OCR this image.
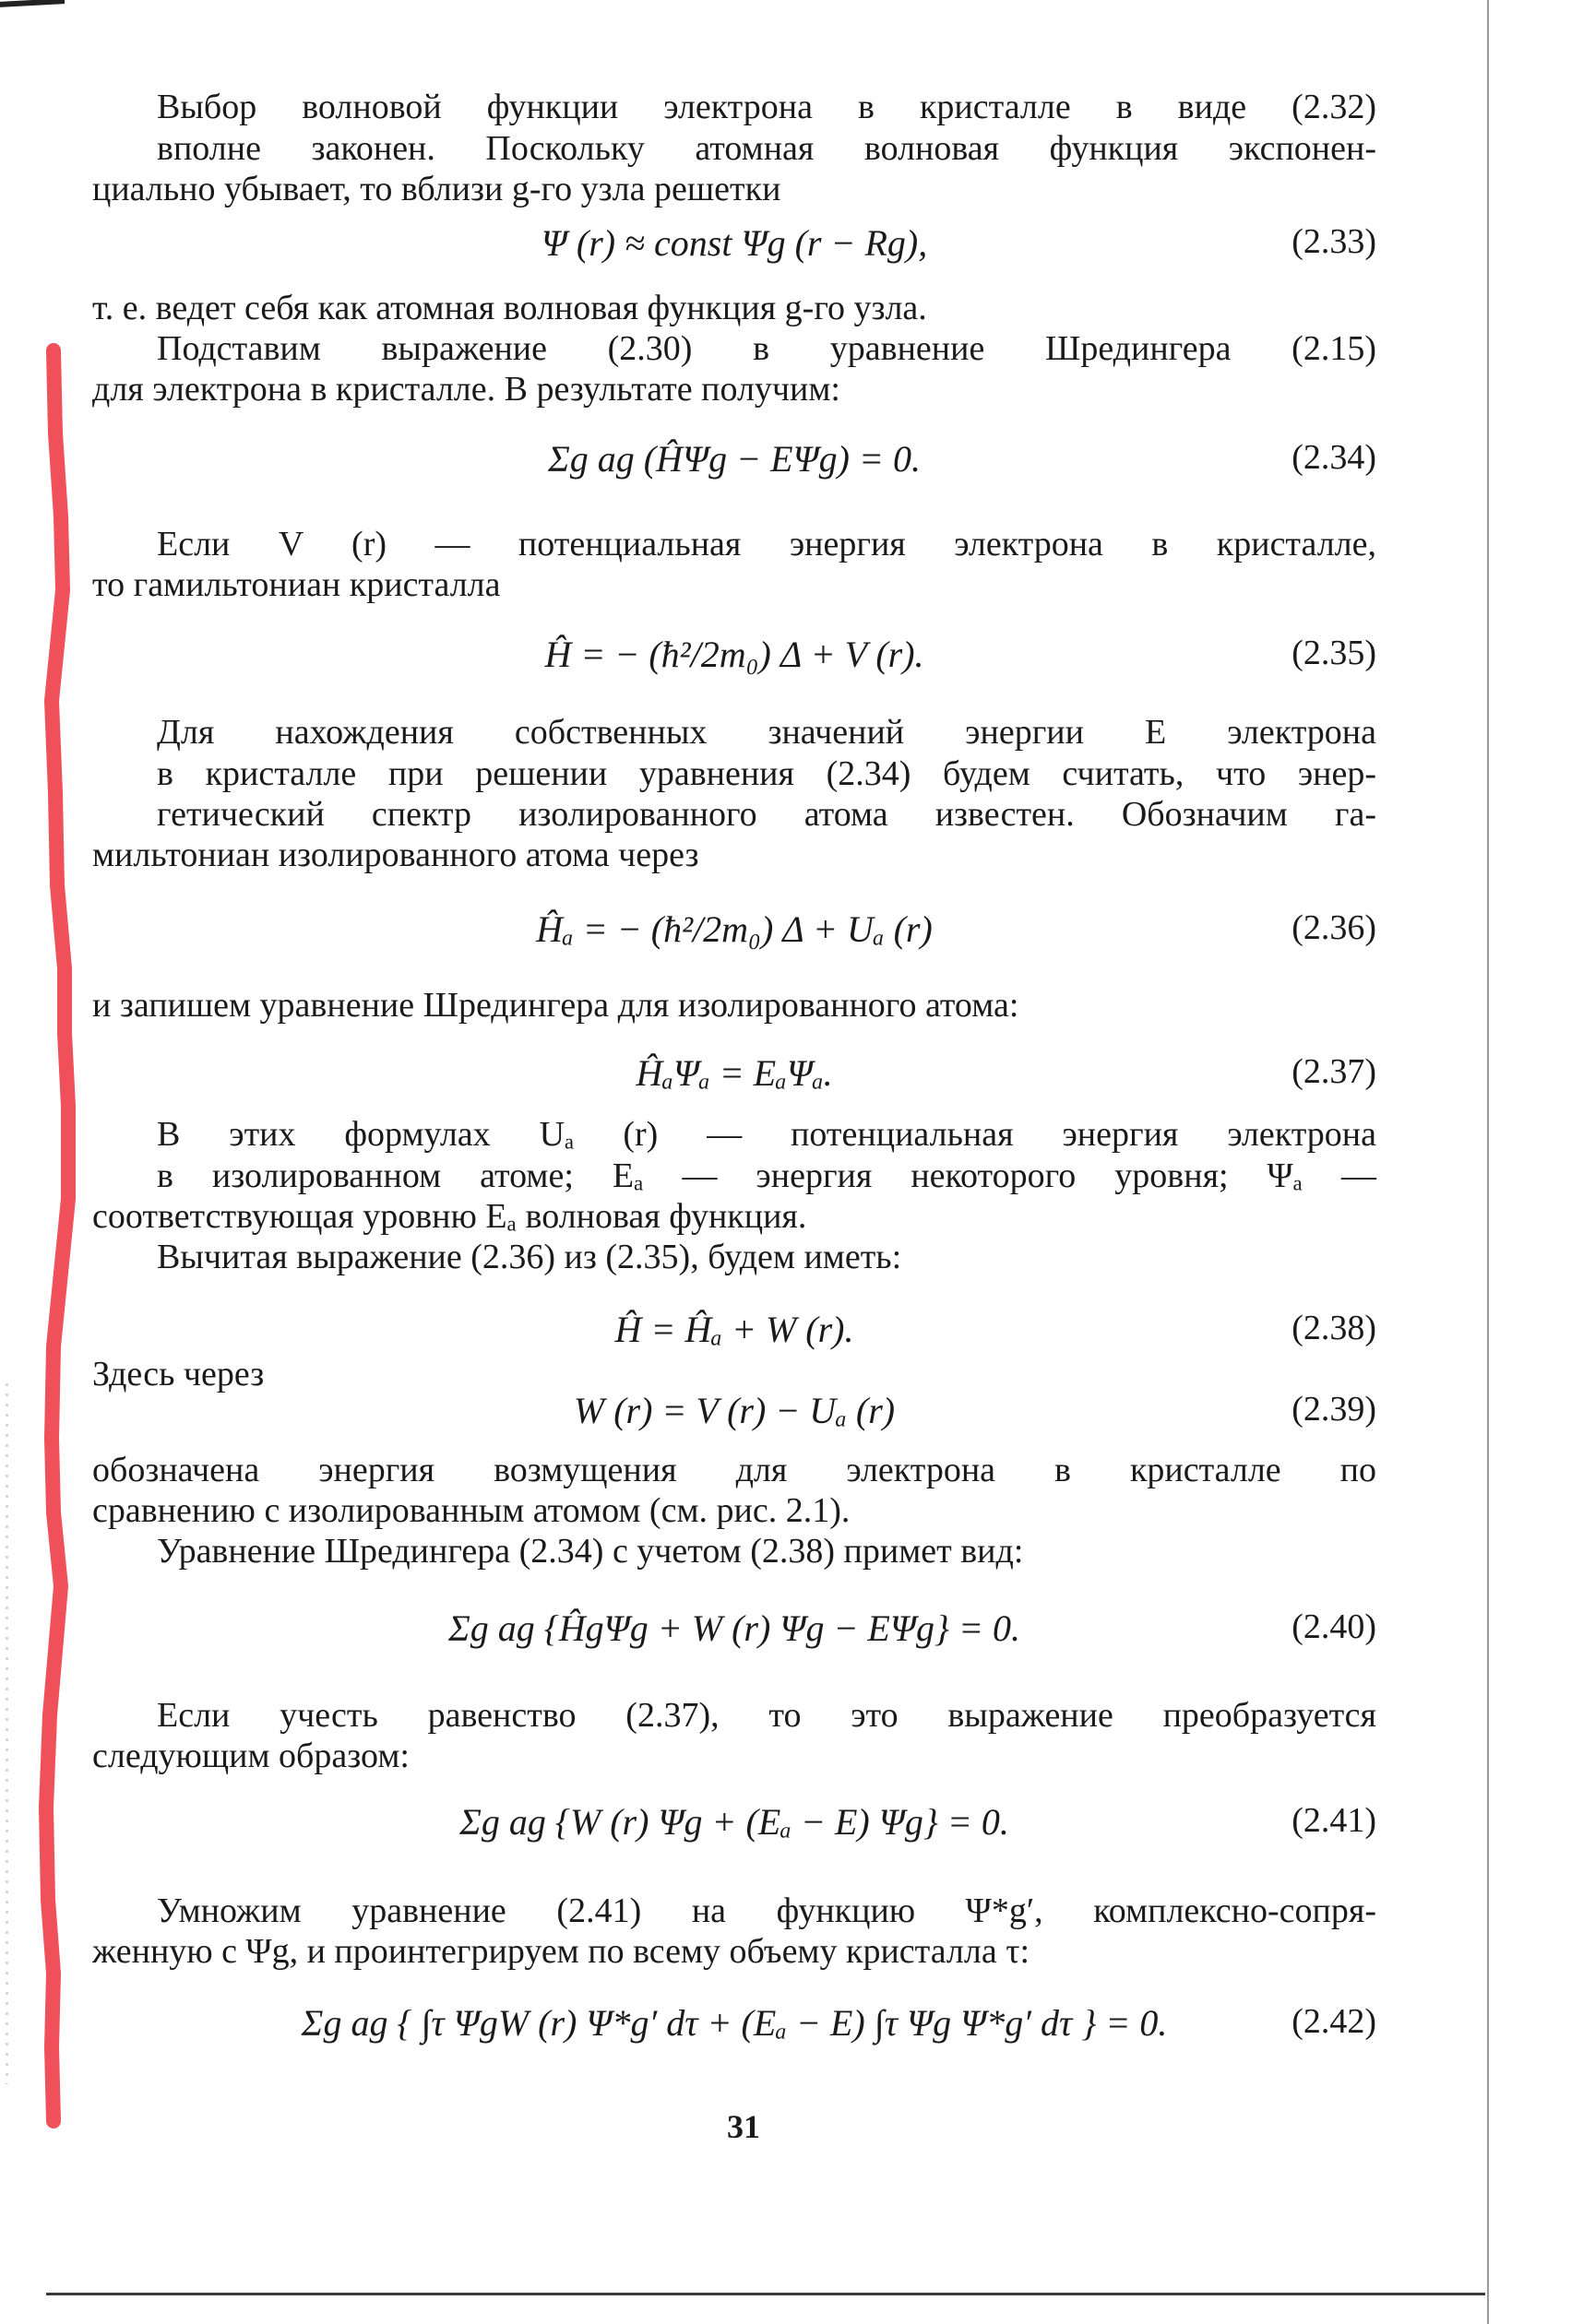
Выбор волновой функции электрона в кристалле в виде (2.32)
вполне законен. Поскольку атомная волновая функция экспонен-
циально убывает, то вблизи g-го узла решетки
Ψ (r) ≈ const Ψg (r − Rg),	(2.33)
т. е. ведет себя как атомная волновая функция g-го узла.
Подставим выражение (2.30) в уравнение Шредингера (2.15)
для электрона в кристалле. В результате получим:
Σg ag (ĤΨg − EΨg) = 0.	(2.34)
Если V (r) — потенциальная энергия электрона в кристалле,
то гамильтониан кристалла
Ĥ = − (ħ²/2m₀) Δ + V (r).	(2.35)
Для нахождения собственных значений энергии E электрона
в кристалле при решении уравнения (2.34) будем считать, что энер-
гетический спектр изолированного атома известен. Обозначим га-
мильтониан изолированного атома через
Ĥₐ = − (ħ²/2m₀) Δ + Uₐ (r)	(2.36)
и запишем уравнение Шредингера для изолированного атома:
ĤₐΨₐ = EₐΨₐ.	(2.37)
В этих формулах Uₐ (r) — потенциальная энергия электрона
в изолированном атоме; Eₐ — энергия некоторого уровня; Ψₐ —
соответствующая уровню Eₐ волновая функция.
Вычитая выражение (2.36) из (2.35), будем иметь:
Ĥ = Ĥₐ + W (r).	(2.38)
Здесь через
W (r) = V (r) − Uₐ (r)	(2.39)
обозначена энергия возмущения для электрона в кристалле по
сравнению с изолированным атомом (см. рис. 2.1).
Уравнение Шредингера (2.34) с учетом (2.38) примет вид:
Σg ag {ĤgΨg + W (r) Ψg − EΨg} = 0.	(2.40)
Если учесть равенство (2.37), то это выражение преобразуется
следующим образом:
Σg ag {W (r) Ψg + (Eₐ − E) Ψg} = 0.	(2.41)
Умножим уравнение (2.41) на функцию Ψ*g′, комплексно-сопря-
женную с Ψg, и проинтегрируем по всему объему кристалла τ:
Σg ag { ∫τ ΨgW (r) Ψ*g′ dτ + (Eₐ − E) ∫τ Ψg Ψ*g′ dτ } = 0.	(2.42)
31
